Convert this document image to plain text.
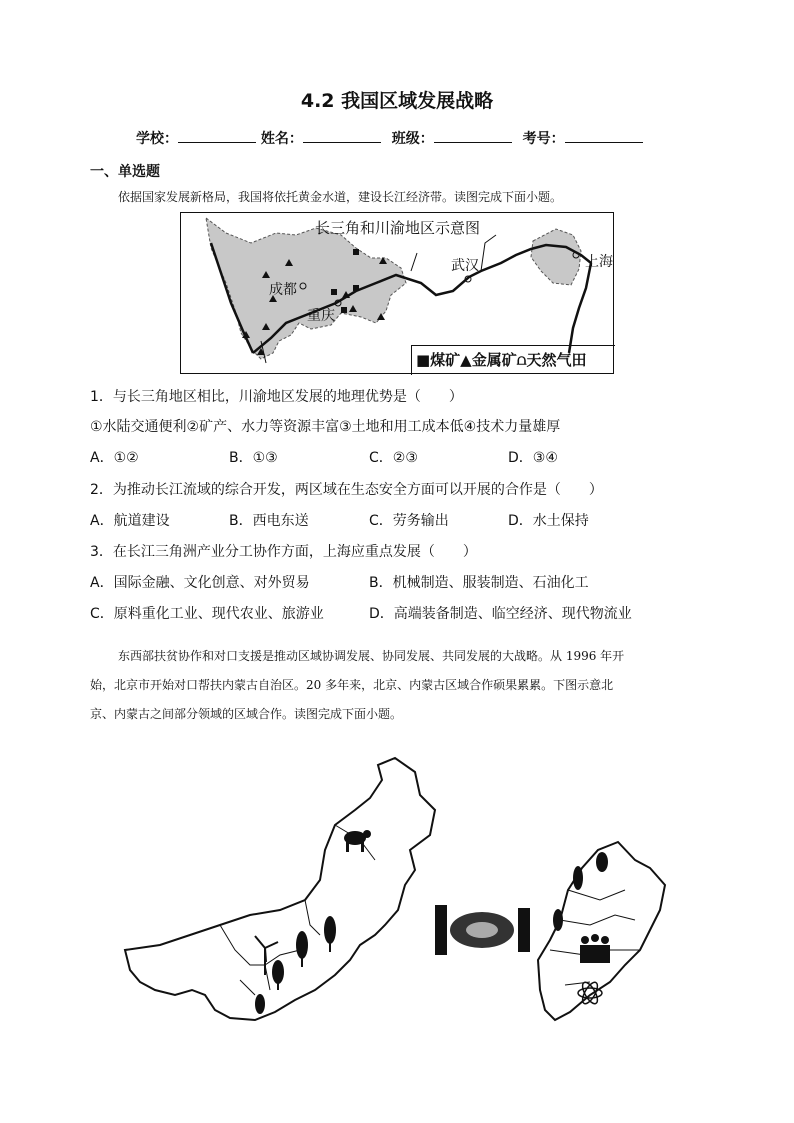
4.2 我国区域发展战略
学校：	姓名：	班级：	考号：
一、单选题
依据国家发展新格局，我国将依托黄金水道，建设长江经济带。读图完成下面小题。
长三角和川渝地区示意图
成都
重庆
武汉	上海
■煤矿▲金属矿⩍天然气田
1．与长三角地区相比，川渝地区发展的地理优势是（　　）
①水陆交通便利②矿产、水力等资源丰富③土地和用工成本低④技术力量雄厚
A．①②	B．①③	C．②③	D．③④
2．为推动长江流域的综合开发，两区域在生态安全方面可以开展的合作是（　　）
A．航道建设	B．西电东送	C．劳务输出	D．水土保持
3．在长江三角洲产业分工协作方面，上海应重点发展（　　）
A．国际金融、文化创意、对外贸易	B．机械制造、服装制造、石油化工
C．原料重化工业、现代农业、旅游业	D．高端装备制造、临空经济、现代物流业
东西部扶贫协作和对口支援是推动区域协调发展、协同发展、共同发展的大战略。从 1996 年开
始，北京市开始对口帮扶内蒙古自治区。20 多年来，北京、内蒙古区域合作硕果累累。下图示意北
京、内蒙古之间部分领域的区域合作。读图完成下面小题。
